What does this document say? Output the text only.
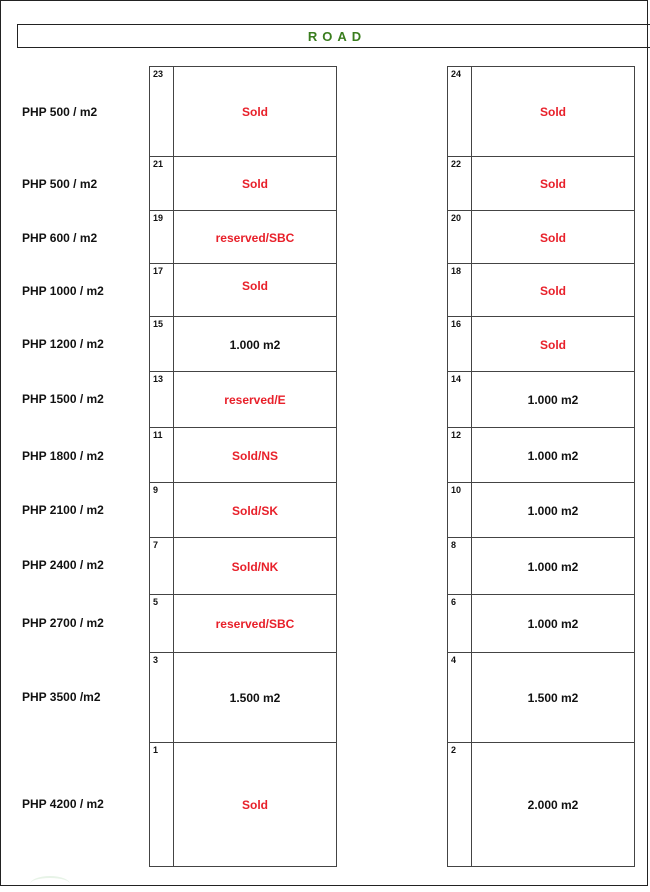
ROAD
PHP 500 / m2
PHP 500 / m2
PHP 600 / m2
PHP 1000 / m2
PHP 1200 / m2
PHP 1500 / m2
PHP 1800 / m2
PHP 2100 / m2
PHP 2400 / m2
PHP 2700 / m2
PHP 3500 /m2
PHP 4200 / m2
23
Sold
21
Sold
19
reserved/SBC
17
Sold
15
1.000 m2
13
reserved/E
11
Sold/NS
9
Sold/SK
7
Sold/NK
5
reserved/SBC
3
1.500 m2
1
Sold
24
Sold
22
Sold
20
Sold
18
Sold
16
Sold
14
1.000 m2
12
1.000 m2
10
1.000 m2
8
1.000 m2
6
1.000 m2
4
1.500 m2
2
2.000 m2
